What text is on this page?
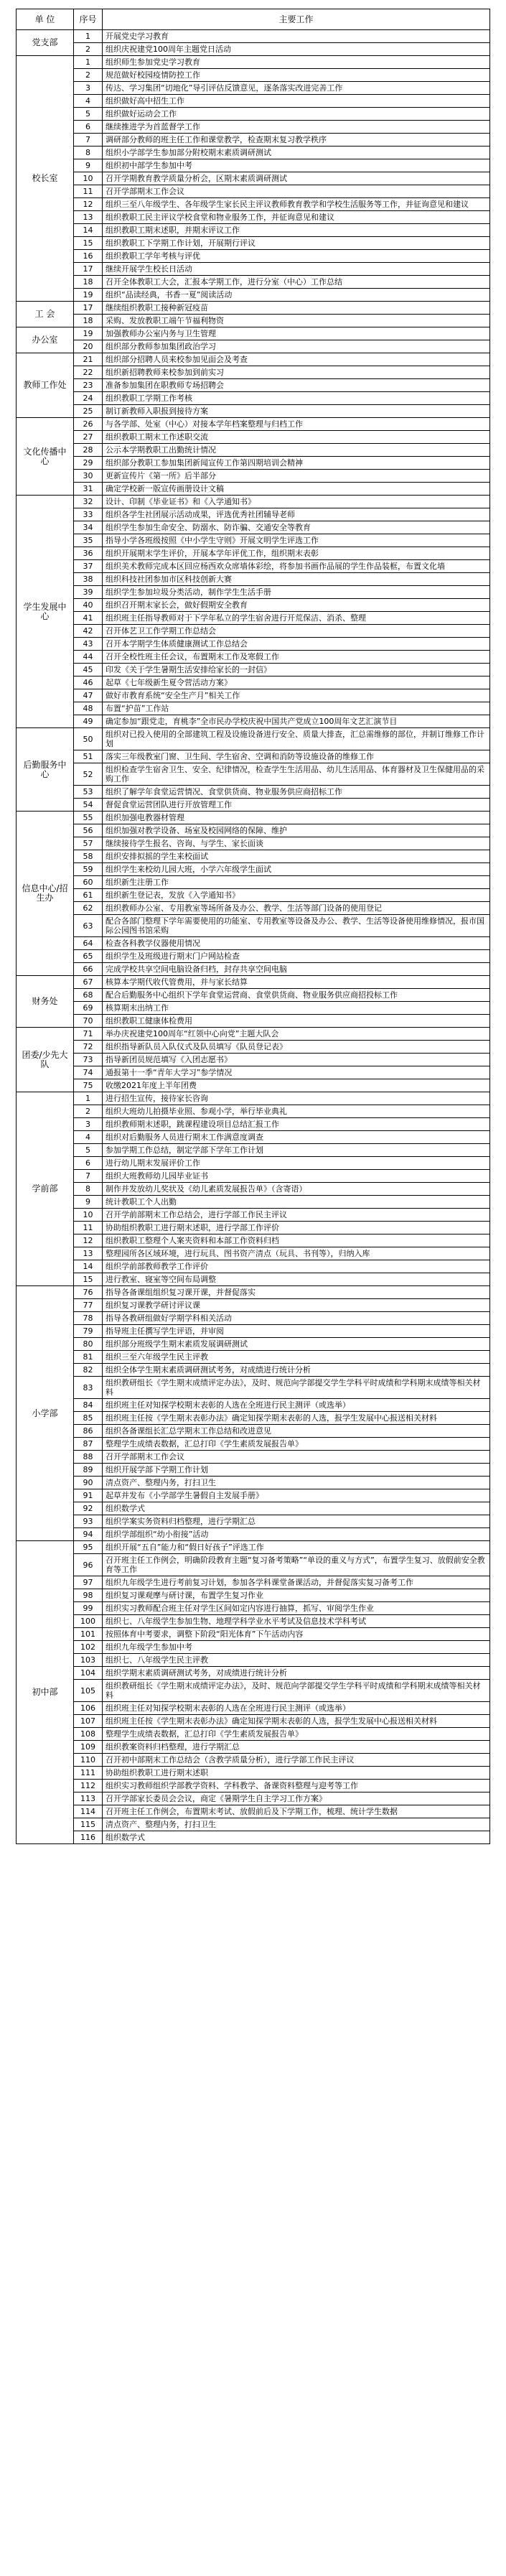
单 位	序号	主要工作
党支部	1	开展党史学习教育
	2	组织庆祝建党100周年主题党日活动
校长室	1	组织师生参加党史学习教育
	2	规范做好校园疫情防控工作
	3	传达、学习集团“切地化”导引评估反馈意见，逐条落实改进完善工作
	4	组织做好高中招生工作
	5	组织做好运动会工作
	6	继续推进学为首蓝督学工作
	7	调研部分教师的班主任工作和课堂教学，检查期末复习教学秩序
	8	组织小学部学生参加部分附校期末素质调研测试
	9	组织初中部学生参加中考
	10	召开学期教育教学质量分析会，区期末素质调研测试
	11	召开学部期末工作会议
	12	组织三至八年级学生、各年级学生家长民主评议教师教育教学和学校生活服务等工作，并征询意见和建议
	13	组织教职工民主评议学校食堂和物业服务工作，并征询意见和建议
	14	组织教职工期末述职，并期末评议工作
	15	组织教职工下学期工作计划，开展期行评议
	16	组织教职工学年考核与评优
	17	继续开展学生校长日活动
	18	召开全体教职工大会，汇报本学期工作，进行分室（中心）工作总结
	19	组织“品读经典，书香一夏”阅读活动
工 会	17	继续组织教职工接种新冠疫苗
	18	采购、发放教职工端午节福利物资
办公室	19	加强教师办公室内务与卫生管理
	20	组织部分教师参加集团政治学习
教师工作处	21	组织部分招聘人员来校参加见面会及考查
	22	组织新招聘教师来校参加到前实习
	23	准备参加集团在职教师专场招聘会
	24	组织教职工学期工作考核
	25	制订新教师入职报到接待方案
文化传播中心	26	与各学部、处室（中心）对接本学年档案整理与归档工作
	27	组织教职工期末工作述职交流
	28	公示本学期教职工出勤统计情况
	29	组织部分教职工参加集团新闻宣传工作第四期培训会精神
	30	更新宣传片《第一所》后半部分
	31	确定学校新一版宣传画册设计文稿
学生发展中心	32	设计、印制《毕业证书》和《入学通知书》
	33	组织各学生社团展示活动成果，评选优秀社团辅导老师
	34	组织学生参加生命安全、防溺水、防诈骗、交通安全等教育
	35	指导小学各班级按照《中小学生守则》开展文明学生评选工作
	36	组织开展期末学生评价，开展本学年评优工作，组织期末表彰
	37	组织美术教师完成本区回应杨西欢众席墙体彩绘，将参加书画作品展的学生作品装框，布置文化墙
	38	组织科技社团参加市区科技创新大赛
	39	组织学生参加垃圾分类活动，制作学生生活手册
	40	组织召开期末家长会，做好假期安全教育
	41	组织班主任指导教师对于下学年私立的学生宿舍进行开荒保洁、消杀、整理
	42	召开体艺卫工作学期工作总结会
	43	召开本学期学生体质健康测试工作总结会
	44	召开全校性班主任会议，布置期末工作及寒假工作
	45	印发《关于学生暑期生活安排给家长的一封信》
	46	起草《七年级新生夏令营活动方案》
	47	做好市教育系统“安全生产月”相关工作
	48	布置“护苗”工作站
	49	确定参加“跟党走，育桃李”全市民办学校庆祝中国共产党成立100周年文艺汇演节目
后勤服务中心	50	组织对已投入使用的全部建筑工程及设施设备进行安全、质量大排查，汇总需维修的部位，并制订维修工作计划
	51	落实三年级教室门窗、卫生间、学生宿舍、空调和消防等设施设备的维修工作
	52	组织检查学生宿舍卫生、安全、纪律情况，检查学生生活用品、幼儿生活用品、体育器材及卫生保健用品的采购工作
	53	组织了解学年食堂运营情况、食堂供货商、物业服务供应商招标工作
	54	督促食堂运营团队进行开放管理工作
信息中心/招生办	55	组织加强电教器材管理
	56	组织加强对教学设备、场室及校园网络的保障、维护
	57	继续接待学生报名、咨询、与学生、家长面谈
	58	组织安排拟摇的学生来校面试
	59	组织学生来校幼儿园大班，小学六年级学生面试
	60	组织新生注册工作
	61	组织新生登记表，发放《入学通知书》
	62	组织教师办公室、专用教室等场所备及办公、教学、生活等部门设备的使用登记
	63	配合各部门整理下学年需要使用的功能室、专用教室等设备及办公、教学、生活等设备使用维修情况，报市国际公园图书馆采购
	64	检查各科教学仪器使用情况
	65	组织学生及班级进行期末门户网站检查
	66	完成学校共享空间电脑设备归档，封存共享空间电脑
财务处	67	核算本学期代收代管费用，并与家长结算
	68	配合后勤服务中心组织下学年食堂运营商、食堂供货商、物业服务供应商招投标工作
	69	核算期末出纳工作
	70	组织教职工健康体检费用
团委/少先大队	71	举办庆祝建党100周年“红领中心向党”主题大队会
	72	组织指导新队员入队仪式及队员填写《队员登记表》
	73	指导新团员规范填写《入团志愿书》
	74	通报第十一季“青年大学习”参学情况
	75	收缴2021年度上半年团费
学前部	1	进行招生宣传，接待家长咨询
	2	组织大班幼儿拍摄毕业照、参观小学，举行毕业典礼
	3	组织教师期末述职，跳课程建设项目总结汇报工作
	4	组织对后勤服务人员进行期末工作满意度调查
	5	参加学期工作总结，制定学部下学年工作计划
	6	进行幼儿期末发展评价工作
	7	组织大班教师幼儿园毕业证书
	8	制作并发放幼儿奖状及《幼儿素质发展报告单》（含寄语）
	9	统计教职工个人出勤
	10	召开学前部期末工作总结会，进行学部工作民主评议
	11	协助组织教职工进行期末述职，进行学部工作评价
	12	组织教职工整理个人案夹资料和本部工作资料归档
	13	整理园所各区域环境，进行玩具、图书资产清点（玩具、书刊等），归纳入库
	14	组织学前部教师教学工作评价
	15	进行教室、寝室等空间布局调整
小学部	76	指导各备课组组织复习课开课，并督促落实
	77	组织复习课教学研讨评议课
	78	指导各教研组做好学期学科相关活动
	79	指导班主任撰写学生评语，并审阅
	80	组织部分班级学生期末素质发展调研测试
	81	组织三至六年级学生民主评教
	82	组织全体学生期末素质调研测试考务，对成绩进行统计分析
	83	组织教研组长《学生期末成绩评定办法》，及时、规范向学部提交学生学科平时成绩和学科期末成绩等相关材料
	84	组织班主任对知探学校期末表彰的人选在全班进行民主测评（或选举）
	85	组织班主任按《学生期末表彰办法》确定知探学期末表彰的人选，报学生发展中心报送相关材料
	86	组织各备课组长汇总学期末工作总结和改进意见
	87	整理学生成绩表数据，汇总打印《学生素质发展报告单》
	88	召开学部期末工作会议
	89	组织开展学部下学期工作计划
	90	清点资产、整理内务，打扫卫生
	91	起草并发布《小学部学生暑假自主发展手册》
	92	组织数学式
	93	组织学案实务资料归档整理，进行学期汇总
	94	组织学部组织“幼小衔接”活动
初中部	95	组织开展“五自”能力和“假日好孩子”评选工作
	96	召开班主任工作例会，明确阶段教育主题“复习备考策略”“单设的重义与方式”，布置学生复习、放假前安全教育等工作
	97	组织九年级学生进行考前复习计划，参加各学科课堂备课活动，并督促落实复习备考工作
	98	组织复习课观摩与研讨课，布置学生复习作业
	99	组织实习教师配合班主任对学生区间如定内容进行抽算，抓写、审阅学生作业
	100	组织七、八年级学生参加生物、地理学科学业水平考试及信息技术学科考试
	101	按照体育中考要求，调整下阶段“阳光体育”下午活动内容
	102	组织九年级学生参加中考
	103	组织七、八年级学生民主评教
	104	组织学期末素质调研测试考务，对成绩进行统计分析
	105	组织教研组长《学生期末成绩评定办法》，及时、规范向学部提交学生学科平时成绩和学科期末成绩等相关材料
	106	组织班主任对知探学校期末表彰的人选在全班进行民主测评（或选举）
	107	组织班主任按《学生期末表彰办法》确定知探学期末表彰的人选，报学生发展中心报送相关材料
	108	整理学生成绩表数据，汇总打印《学生素质发展报告单》
	109	组织教案资料归档整理，进行学期汇总
	110	召开初中部期末工作总结会（含教学质量分析），进行学部工作民主评议
	111	协助组织教职工进行期末述职
	112	组织实习教师组织学部教学资料、学科教学、备课资料整理与迎考等工作
	113	召开学部家长委员会会议，商定《暑期学生自主学习工作方案》
	114	召开班主任工作例会，布置期末考试、放假前后及下学期工作，梳理、统计学生数据
	115	清点资产、整理内务，打扫卫生
	116	组织数学式
